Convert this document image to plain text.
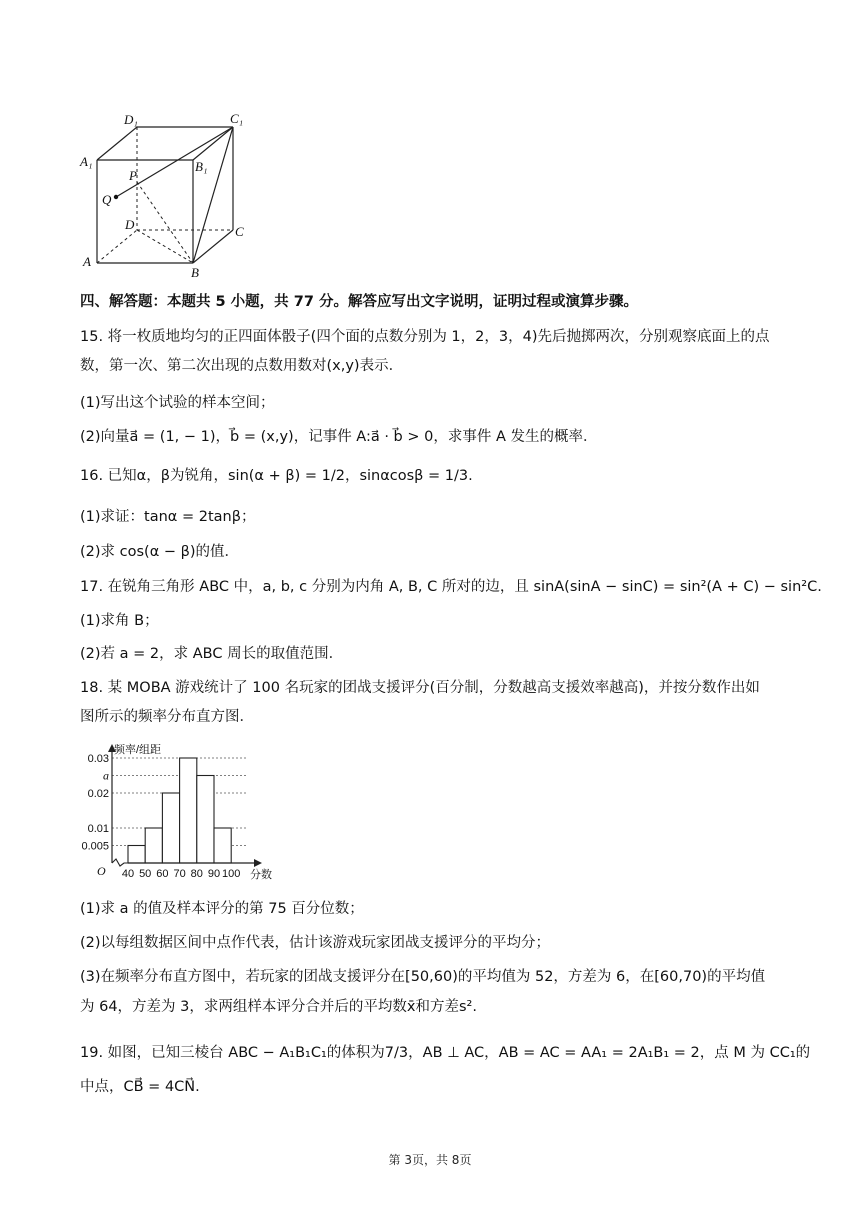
D₁	C₁
A₁	B₁
P
Q
D	C
A
B
四、解答题：本题共 5 小题，共 77 分。解答应写出文字说明，证明过程或演算步骤。
15. 将一枚质地均匀的正四面体骰子(四个面的点数分别为 1，2，3，4)先后抛掷两次，分别观察底面上的点
数，第一次、第二次出现的点数用数对(x,y)表示．
(1)写出这个试验的样本空间；
(2)向量a⃗ = (1, − 1)，b⃗ = (x,y)，记事件 A:a⃗ · b⃗ > 0，求事件 A 发生的概率．
16. 已知α，β为锐角，sin(α + β) = 1/2，sinαcosβ = 1/3.
(1)求证：tanα = 2tanβ；
(2)求 cos(α − β)的值．
17. 在锐角三角形 ABC 中，a, b, c 分别为内角 A, B, C 所对的边，且 sinA(sinA − sinC) = sin²(A + C) − sin²C.
(1)求角 B；
(2)若 a = 2，求 ABC 周长的取值范围．
18. 某 MOBA 游戏统计了 100 名玩家的团战支援评分(百分制，分数越高支援效率越高)，并按分数作出如
图所示的频率分布直方图．
频率/组距
分数
O
0.03
a
0.02
0.01
0.005
40 50 60 70 80 90 100
(1)求 a 的值及样本评分的第 75 百分位数；
(2)以每组数据区间中点作代表，估计该游戏玩家团战支援评分的平均分；
(3)在频率分布直方图中，若玩家的团战支援评分在[50,60)的平均值为 52，方差为 6，在[60,70)的平均值
为 64，方差为 3，求两组样本评分合并后的平均数x̄和方差s².
19. 如图，已知三棱台 ABC − A₁B₁C₁的体积为7/3，AB ⊥ AC，AB = AC = AA₁ = 2A₁B₁ = 2，点 M 为 CC₁的
中点，CB⃗ = 4CN⃗.
第 3页，共 8页
